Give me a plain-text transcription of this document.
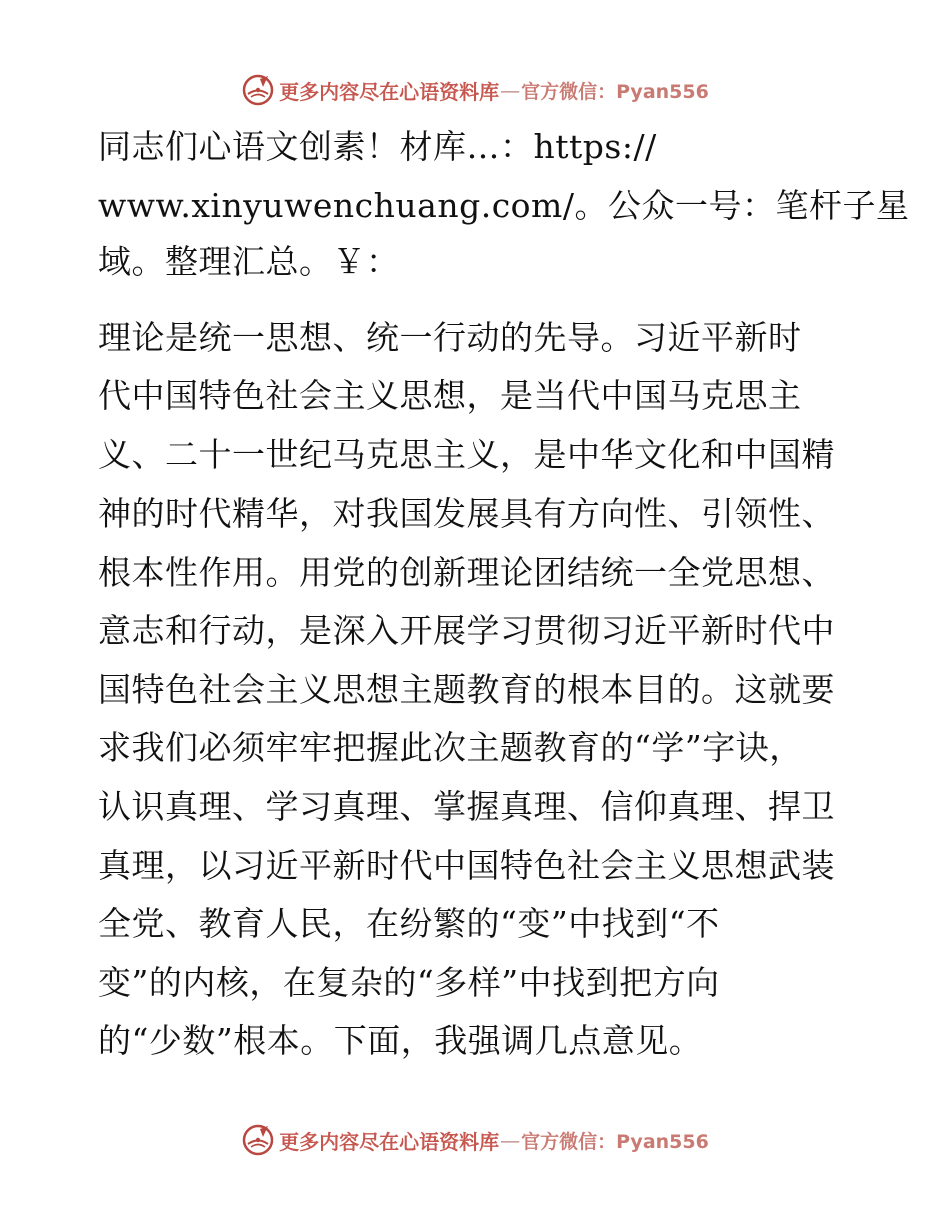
更多内容尽在心语资料库 — 官方微信：Pyan556
同志们心语文创素！材库…：https://
www.xinyuwenchuang.com/。公众一号：笔杆子星
域。整理汇总。￥：
理论是统一思想、统一行动的先导。习近平新时
代中国特色社会主义思想，是当代中国马克思主
义、二十一世纪马克思主义，是中华文化和中国精
神的时代精华，对我国发展具有方向性、引领性、
根本性作用。用党的创新理论团结统一全党思想、
意志和行动，是深入开展学习贯彻习近平新时代中
国特色社会主义思想主题教育的根本目的。这就要
求我们必须牢牢把握此次主题教育的“学”字诀，
认识真理、学习真理、掌握真理、信仰真理、捍卫
真理，以习近平新时代中国特色社会主义思想武装
全党、教育人民，在纷繁的“变”中找到“不
变”的内核，在复杂的“多样”中找到把方向
的“少数”根本。下面，我强调几点意见。
更多内容尽在心语资料库 — 官方微信：Pyan556
